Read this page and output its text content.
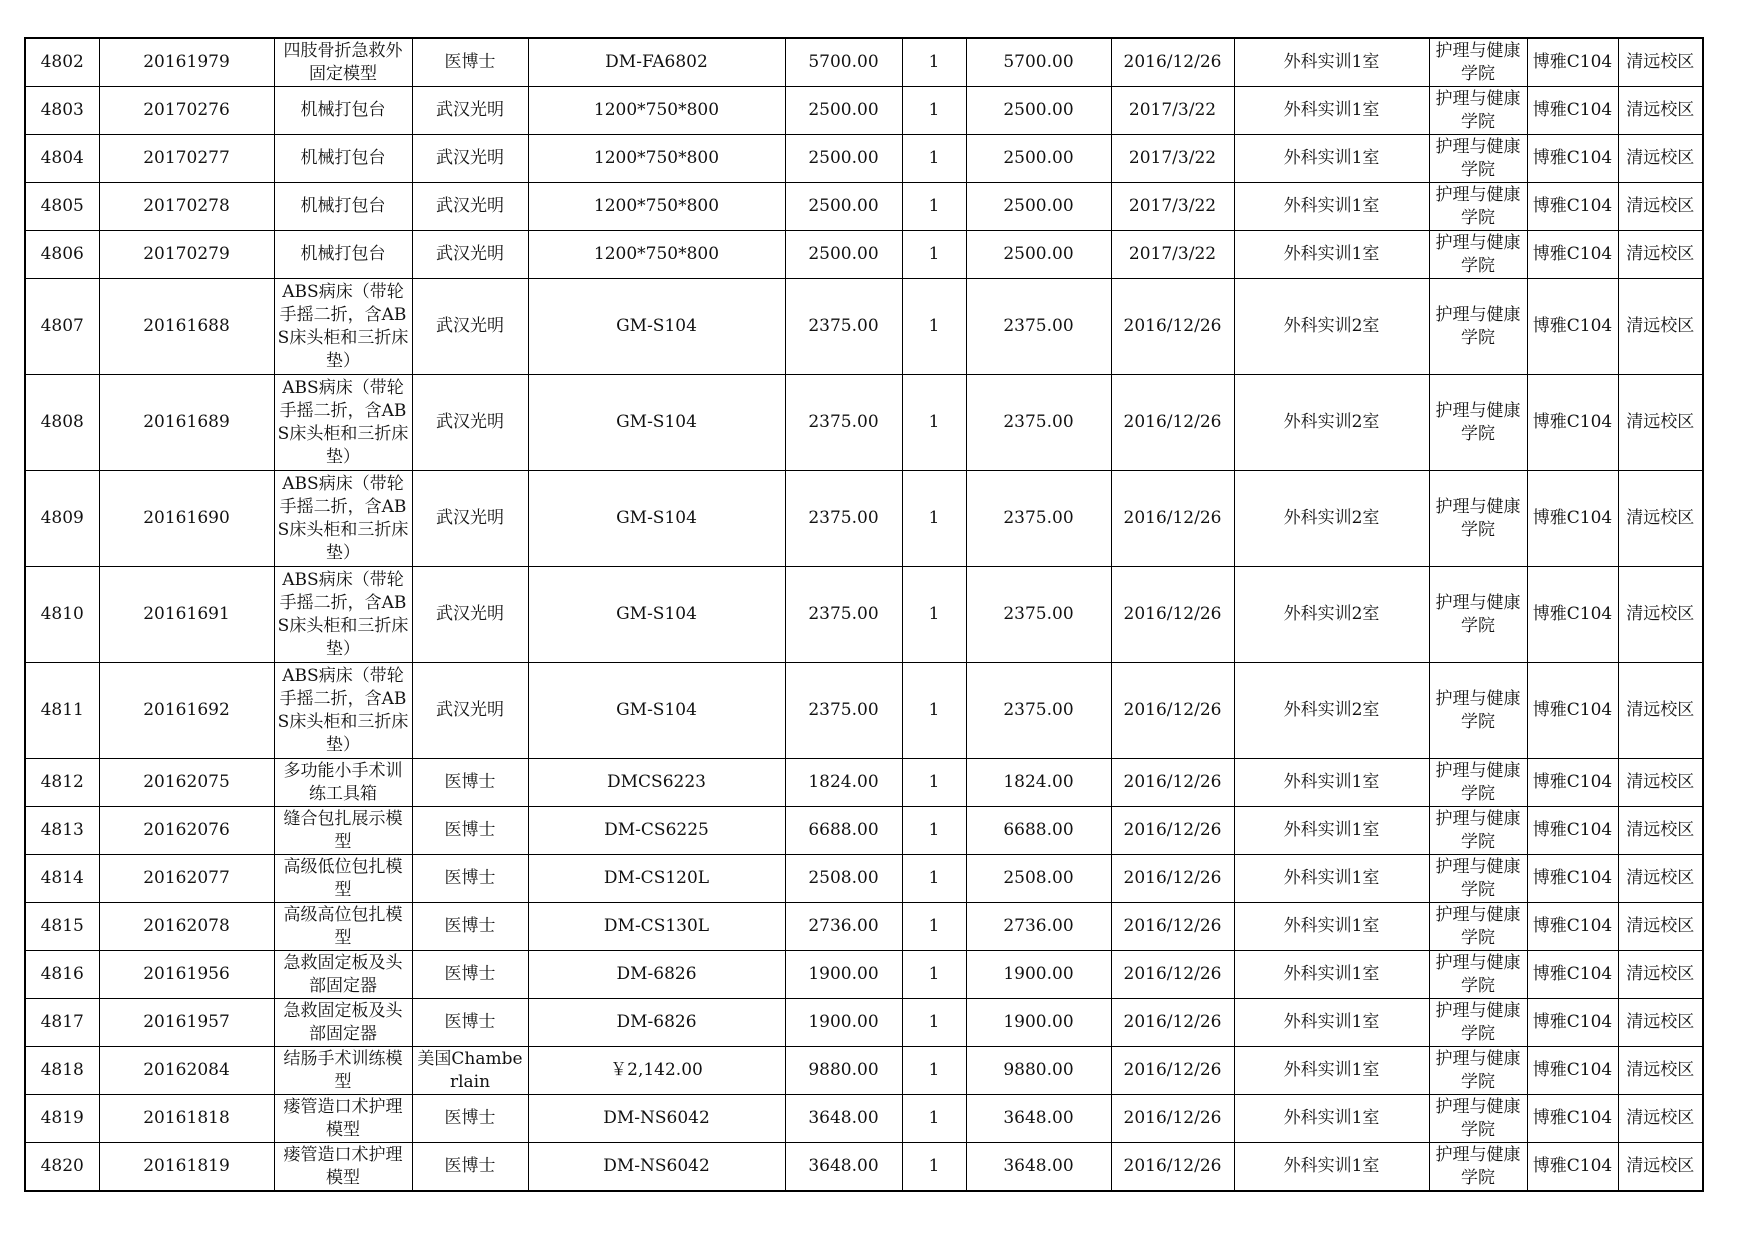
4802	20161979	四肢骨折急救外固定模型	医博士	DM-FA6802	5700.00	1	5700.00	2016/12/26	外科实训1室	护理与健康学院	博雅C104	清远校区
4803	20170276	机械打包台	武汉光明	1200*750*800	2500.00	1	2500.00	2017/3/22	外科实训1室	护理与健康学院	博雅C104	清远校区
4804	20170277	机械打包台	武汉光明	1200*750*800	2500.00	1	2500.00	2017/3/22	外科实训1室	护理与健康学院	博雅C104	清远校区
4805	20170278	机械打包台	武汉光明	1200*750*800	2500.00	1	2500.00	2017/3/22	外科实训1室	护理与健康学院	博雅C104	清远校区
4806	20170279	机械打包台	武汉光明	1200*750*800	2500.00	1	2500.00	2017/3/22	外科实训1室	护理与健康学院	博雅C104	清远校区
4807	20161688	ABS病床（带轮手摇二折，含ABS床头柜和三折床垫）	武汉光明	GM-S104	2375.00	1	2375.00	2016/12/26	外科实训2室	护理与健康学院	博雅C104	清远校区
4808	20161689	ABS病床（带轮手摇二折，含ABS床头柜和三折床垫）	武汉光明	GM-S104	2375.00	1	2375.00	2016/12/26	外科实训2室	护理与健康学院	博雅C104	清远校区
4809	20161690	ABS病床（带轮手摇二折，含ABS床头柜和三折床垫）	武汉光明	GM-S104	2375.00	1	2375.00	2016/12/26	外科实训2室	护理与健康学院	博雅C104	清远校区
4810	20161691	ABS病床（带轮手摇二折，含ABS床头柜和三折床垫）	武汉光明	GM-S104	2375.00	1	2375.00	2016/12/26	外科实训2室	护理与健康学院	博雅C104	清远校区
4811	20161692	ABS病床（带轮手摇二折，含ABS床头柜和三折床垫）	武汉光明	GM-S104	2375.00	1	2375.00	2016/12/26	外科实训2室	护理与健康学院	博雅C104	清远校区
4812	20162075	多功能小手术训练工具箱	医博士	DMCS6223	1824.00	1	1824.00	2016/12/26	外科实训1室	护理与健康学院	博雅C104	清远校区
4813	20162076	缝合包扎展示模型	医博士	DM-CS6225	6688.00	1	6688.00	2016/12/26	外科实训1室	护理与健康学院	博雅C104	清远校区
4814	20162077	高级低位包扎模型	医博士	DM-CS120L	2508.00	1	2508.00	2016/12/26	外科实训1室	护理与健康学院	博雅C104	清远校区
4815	20162078	高级高位包扎模型	医博士	DM-CS130L	2736.00	1	2736.00	2016/12/26	外科实训1室	护理与健康学院	博雅C104	清远校区
4816	20161956	急救固定板及头部固定器	医博士	DM-6826	1900.00	1	1900.00	2016/12/26	外科实训1室	护理与健康学院	博雅C104	清远校区
4817	20161957	急救固定板及头部固定器	医博士	DM-6826	1900.00	1	1900.00	2016/12/26	外科实训1室	护理与健康学院	博雅C104	清远校区
4818	20162084	结肠手术训练模型	美国Chamberlain	￥2,142.00	9880.00	1	9880.00	2016/12/26	外科实训1室	护理与健康学院	博雅C104	清远校区
4819	20161818	瘘管造口术护理模型	医博士	DM-NS6042	3648.00	1	3648.00	2016/12/26	外科实训1室	护理与健康学院	博雅C104	清远校区
4820	20161819	瘘管造口术护理模型	医博士	DM-NS6042	3648.00	1	3648.00	2016/12/26	外科实训1室	护理与健康学院	博雅C104	清远校区
